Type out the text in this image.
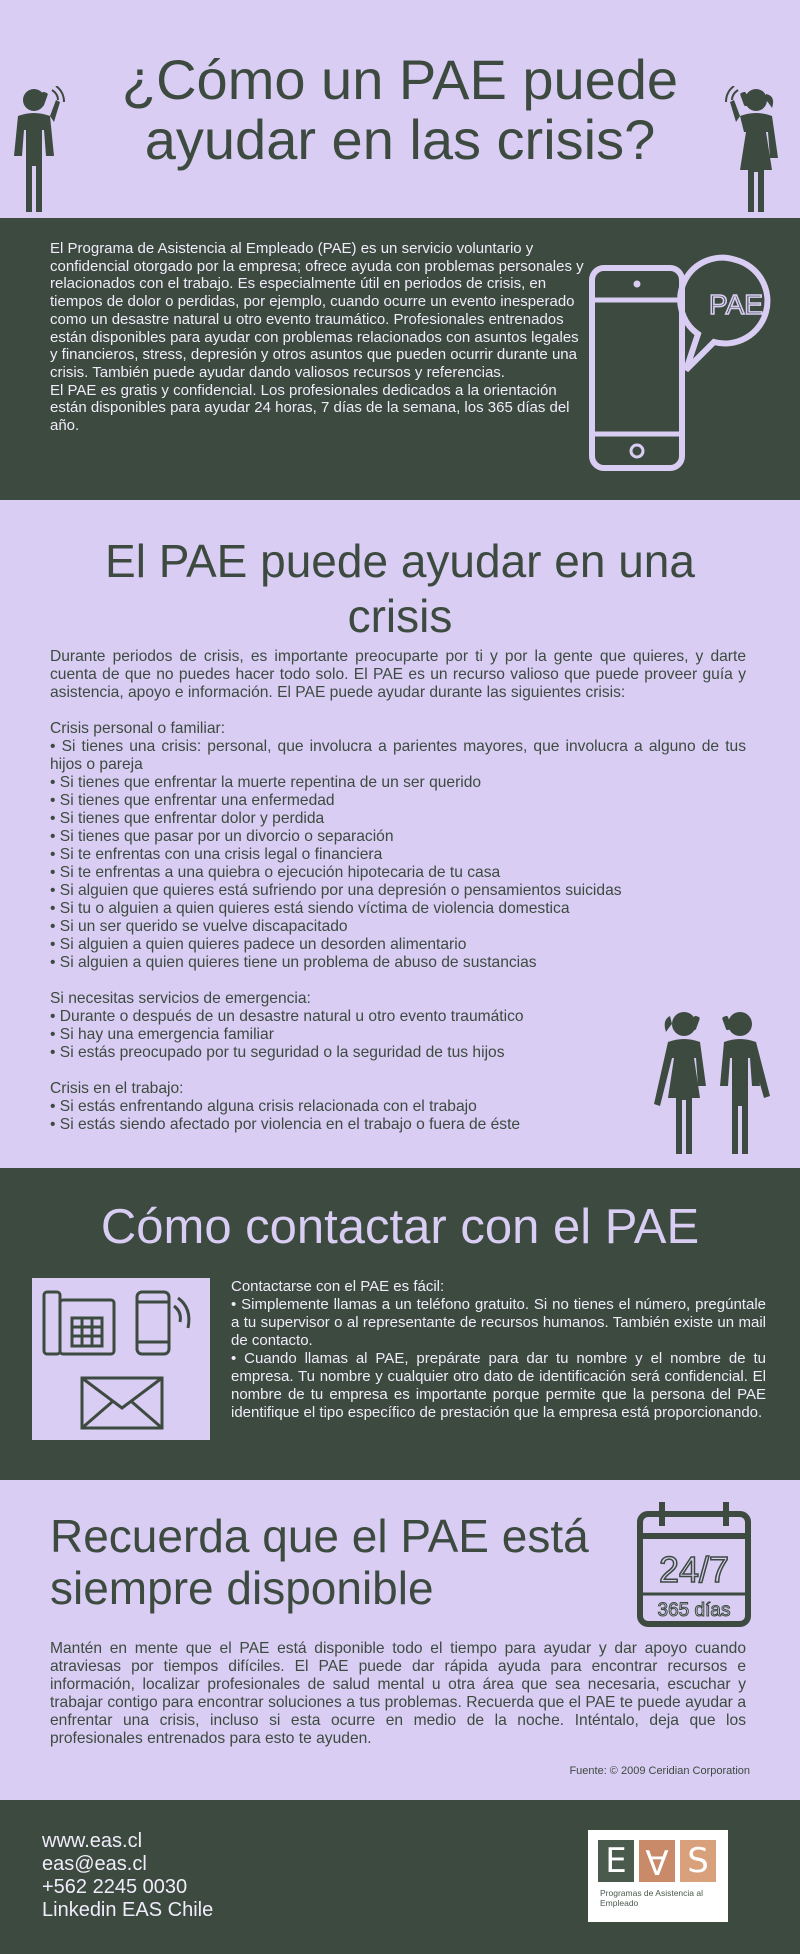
¿Cómo un PAE puede ayudar en las crisis?

El Programa de Asistencia al Empleado (PAE) es un servicio voluntario y confidencial otorgado por la empresa; ofrece ayuda con problemas personales y relacionados con el trabajo. Es especialmente útil en periodos de crisis, en tiempos de dolor o perdidas, por ejemplo, cuando ocurre un evento inesperado como un desastre natural u otro evento traumático. Profesionales entrenados están disponibles para ayudar con problemas relacionados con asuntos legales y financieros, stress, depresión y otros asuntos que pueden ocurrir durante una crisis. También puede ayudar dando valiosos recursos y referencias.

El PAE es gratis y confidencial. Los profesionales dedicados a la orientación están disponibles para ayudar 24 horas, 7 días de la semana, los 365 días del año.

PAE
El PAE puede ayudar en una crisis

Durante periodos de crisis, es importante preocuparte por ti y por la gente que quieres, y darte cuenta de que no puedes hacer todo solo. El PAE es un recurso valioso que puede proveer guía y asistencia, apoyo e información. El PAE puede ayudar durante las siguientes crisis:

Crisis personal o familiar:
• Si tienes una crisis: personal, que involucra a parientes mayores, que involucra a alguno de tus hijos o pareja
• Si tienes que enfrentar la muerte repentina de un ser querido
• Si tienes que enfrentar una enfermedad
• Si tienes que enfrentar dolor y perdida
• Si tienes que pasar por un divorcio o separación
• Si te enfrentas con una crisis legal o financiera
• Si te enfrentas a una quiebra o ejecución hipotecaria de tu casa
• Si alguien que quieres está sufriendo por una depresión o pensamientos suicidas
• Si tu o alguien a quien quieres está siendo víctima de violencia domestica
• Si un ser querido se vuelve discapacitado
• Si alguien a quien quieres padece un desorden alimentario
• Si alguien a quien quieres tiene un problema de abuso de sustancias
Si necesitas servicios de emergencia:
• Durante o después de un desastre natural u otro evento traumático
• Si hay una emergencia familiar
• Si estás preocupado por tu seguridad o la seguridad de tus hijos
Crisis en el trabajo:
• Si estás enfrentando alguna crisis relacionada con el trabajo
• Si estás siendo afectado por violencia en el trabajo o fuera de éste
Cómo contactar con el PAE

Contactarse con el PAE es fácil:

• Simplemente llamas a un teléfono gratuito. Si no tienes el número, pregúntale a tu supervisor o al representante de recursos humanos. También existe un mail de contacto.

• Cuando llamas al PAE, prepárate para dar tu nombre y el nombre de tu empresa. Tu nombre y cualquier otro dato de identificación será confidencial. El nombre de tu empresa es importante porque permite que la persona del PAE identifique el tipo específico de prestación que la empresa está proporcionando.

Recuerda que el PAE está siempre disponible	24/7
365 días

Mantén en mente que el PAE está disponible todo el tiempo para ayudar y dar apoyo cuando atraviesas por tiempos difíciles. El PAE puede dar rápida ayuda para encontrar recursos e información, localizar profesionales de salud mental u otra área que sea necesaria, escuchar y trabajar contigo para encontrar soluciones a tus problemas. Recuerda que el PAE te puede ayudar a enfrentar una crisis, incluso si esta ocurre en medio de la noche. Inténtalo, deja que los profesionales entrenados para esto te ayuden.

Fuente: © 2009 Ceridian Corporation
www.eas.cl
eas@eas.cl
+562 2245 0030
Linkedin EAS Chile
E A S
Programas de Asistencia al Empleado
